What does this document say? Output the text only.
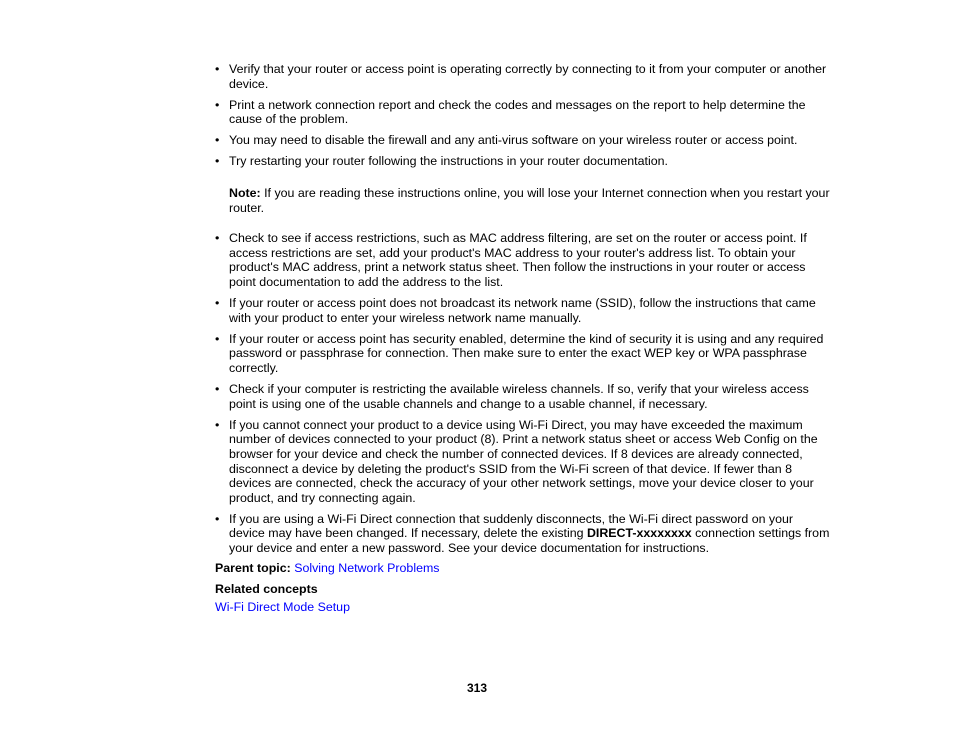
• Verify that your router or access point is operating correctly by connecting to it from your computer or another device.
• Print a network connection report and check the codes and messages on the report to help determine the cause of the problem.
• You may need to disable the firewall and any anti-virus software on your wireless router or access point.
• Try restarting your router following the instructions in your router documentation.
Note: If you are reading these instructions online, you will lose your Internet connection when you restart your router.
• Check to see if access restrictions, such as MAC address filtering, are set on the router or access point. If access restrictions are set, add your product's MAC address to your router's address list. To obtain your product's MAC address, print a network status sheet. Then follow the instructions in your router or access point documentation to add the address to the list.
• If your router or access point does not broadcast its network name (SSID), follow the instructions that came with your product to enter your wireless network name manually.
• If your router or access point has security enabled, determine the kind of security it is using and any required password or passphrase for connection. Then make sure to enter the exact WEP key or WPA passphrase correctly.
• Check if your computer is restricting the available wireless channels. If so, verify that your wireless access point is using one of the usable channels and change to a usable channel, if necessary.
• If you cannot connect your product to a device using Wi-Fi Direct, you may have exceeded the maximum number of devices connected to your product (8). Print a network status sheet or access Web Config on the browser for your device and check the number of connected devices. If 8 devices are already connected, disconnect a device by deleting the product's SSID from the Wi-Fi screen of that device. If fewer than 8 devices are connected, check the accuracy of your other network settings, move your device closer to your product, and try connecting again.
• If you are using a Wi-Fi Direct connection that suddenly disconnects, the Wi-Fi direct password on your device may have been changed. If necessary, delete the existing DIRECT-xxxxxxxx connection settings from your device and enter a new password. See your device documentation for instructions.
Parent topic: Solving Network Problems
Related concepts
Wi-Fi Direct Mode Setup
313
